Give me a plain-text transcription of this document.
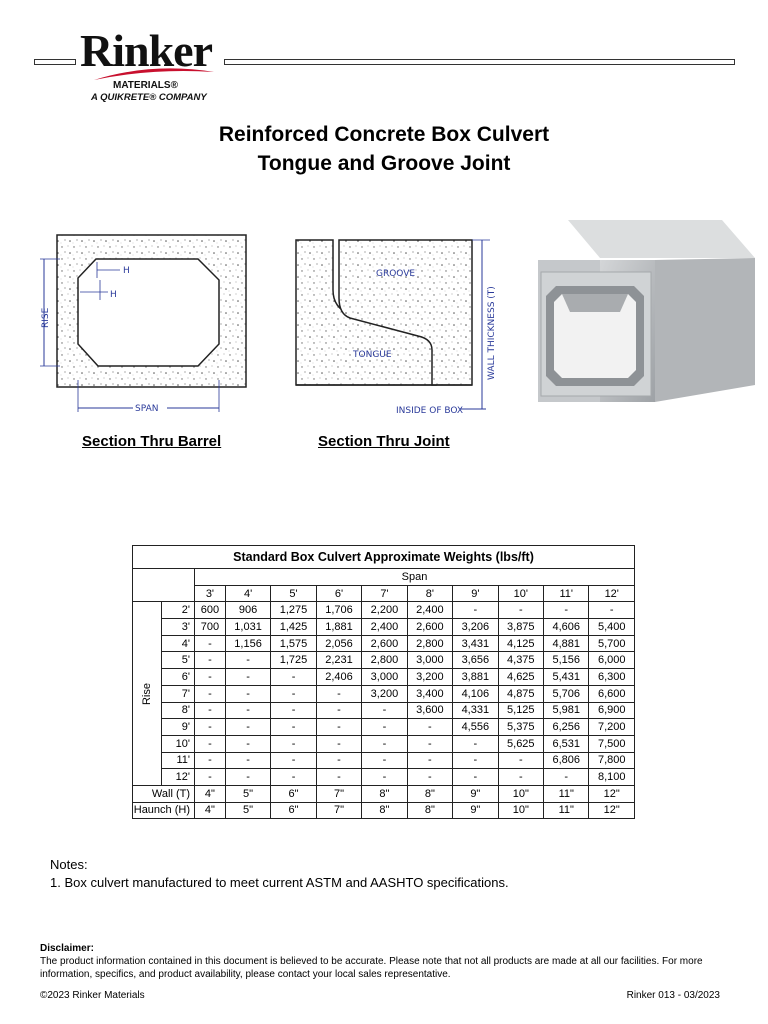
Rinker
MATERIALS®
A QUIKRETE® COMPANY
Reinforced Concrete Box Culvert
Tongue and Groove Joint
RISE
SPAN
H
H
GROOVE
TONGUE	WALL THICKNESS (T)
INSIDE OF BOX
Section Thru Barrel	Section Thru Joint
Standard Box Culvert Approximate Weights (lbs/ft)											
		Span									
		3'	4'	5'	6'	7'	8'	9'	10'	11'	12'

Rise	2'	600	906	1,275	1,706	2,200	2,400	-	-	-	-
	3'	700	1,031	1,425	1,881	2,400	2,600	3,206	3,875	4,606	5,400
	4'	-	1,156	1,575	2,056	2,600	2,800	3,431	4,125	4,881	5,700
	5'	-	-	1,725	2,231	2,800	3,000	3,656	4,375	5,156	6,000
	6'	-	-	-	2,406	3,000	3,200	3,881	4,625	5,431	6,300
	7'	-	-	-	-	3,200	3,400	4,106	4,875	5,706	6,600
	8'	-	-	-	-	-	3,600	4,331	5,125	5,981	6,900
	9'	-	-	-	-	-	-	4,556	5,375	6,256	7,200
	10'	-	-	-	-	-	-	-	5,625	6,531	7,500
	11'	-	-	-	-	-	-	-	-	6,806	7,800
	12'	-	-	-	-	-	-	-	-	-	8,100
Wall (T)		4"	5"	6"	7"	8"	8"	9"	10"	11"	12"
Haunch (H)		4"	5"	6"	7"	8"	8"	9"	10"	11"	12"
Notes:
1. Box culvert manufactured to meet current ASTM and AASHTO specifications.
Disclaimer:
The product information contained in this document is believed to be accurate. Please note that not all products are made at all our facilities. For more information, specifics, and product availability, please contact your local sales representative.
©2023 Rinker Materials	Rinker 013 - 03/2023
